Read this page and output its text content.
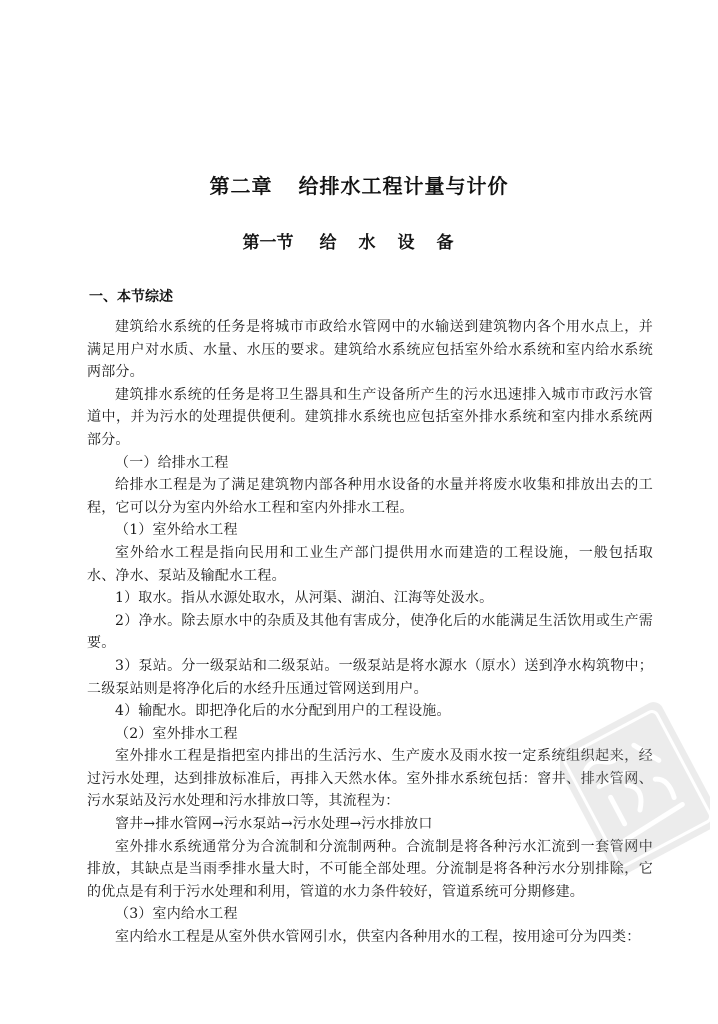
第二章 给排水工程计量与计价
第一节 给水设备
一、本节综述

建筑给水系统的任务是将城市市政给水管网中的水输送到建筑物内各个用水点上，并满足用户对水质、水量、水压的要求。建筑给水系统应包括室外给水系统和室内给水系统两部分。

建筑排水系统的任务是将卫生器具和生产设备所产生的污水迅速排入城市市政污水管道中，并为污水的处理提供便利。建筑排水系统也应包括室外排水系统和室内排水系统两部分。

（一）给排水工程

给排水工程是为了满足建筑物内部各种用水设备的水量并将废水收集和排放出去的工程，它可以分为室内外给水工程和室内外排水工程。

（1）室外给水工程

室外给水工程是指向民用和工业生产部门提供用水而建造的工程设施，一般包括取水、净水、泵站及输配水工程。

1）取水。指从水源处取水，从河渠、湖泊、江海等处汲水。

2）净水。除去原水中的杂质及其他有害成分，使净化后的水能满足生活饮用或生产需要。

3）泵站。分一级泵站和二级泵站。一级泵站是将水源水（原水）送到净水构筑物中；二级泵站则是将净化后的水经升压通过管网送到用户。

4）输配水。即把净化后的水分配到用户的工程设施。

（2）室外排水工程

室外排水工程是指把室内排出的生活污水、生产废水及雨水按一定系统组织起来，经过污水处理，达到排放标准后，再排入天然水体。室外排水系统包括：窨井、排水管网、污水泵站及污水处理和污水排放口等，其流程为：

窨井→排水管网→污水泵站→污水处理→污水排放口

室外排水系统通常分为合流制和分流制两种。合流制是将各种污水汇流到一套管网中排放，其缺点是当雨季排水量大时，不可能全部处理。分流制是将各种污水分别排除，它的优点是有利于污水处理和利用，管道的水力条件较好，管道系统可分期修建。

（3）室内给水工程

室内给水工程是从室外供水管网引水，供室内各种用水的工程，按用途可分为四类：
